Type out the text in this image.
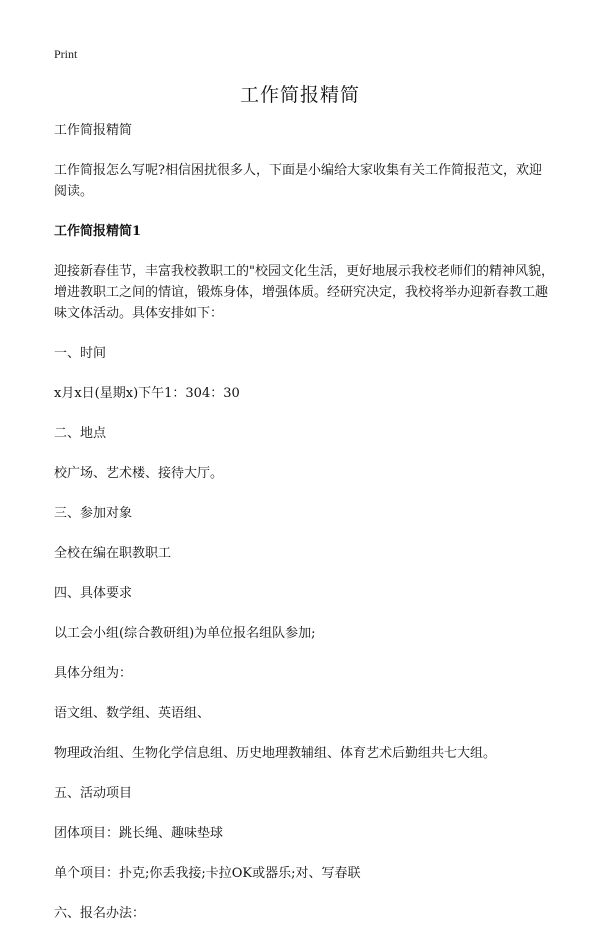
Print
工作简报精简

工作简报精简

工作简报怎么写呢?相信困扰很多人，下面是小编给大家收集有关工作简报范文，欢迎阅读。

工作简报精简1

迎接新春佳节，丰富我校教职工的"校园文化生活，更好地展示我校老师们的精神风貌，增进教职工之间的情谊，锻炼身体，增强体质。经研究决定，我校将举办迎新春教工趣味文体活动。具体安排如下：

一、时间

x月x日(星期x)下午1：304：30

二、地点

校广场、艺术楼、接待大厅。

三、参加对象

全校在编在职教职工

四、具体要求

以工会小组(综合教研组)为单位报名组队参加;

具体分组为：

语文组、数学组、英语组、

物理政治组、生物化学信息组、历史地理教辅组、体育艺术后勤组共七大组。

五、活动项目

团体项目：跳长绳、趣味垫球

单个项目：扑克;你丢我接;卡拉OK或器乐;对、写春联

六、报名办法：
